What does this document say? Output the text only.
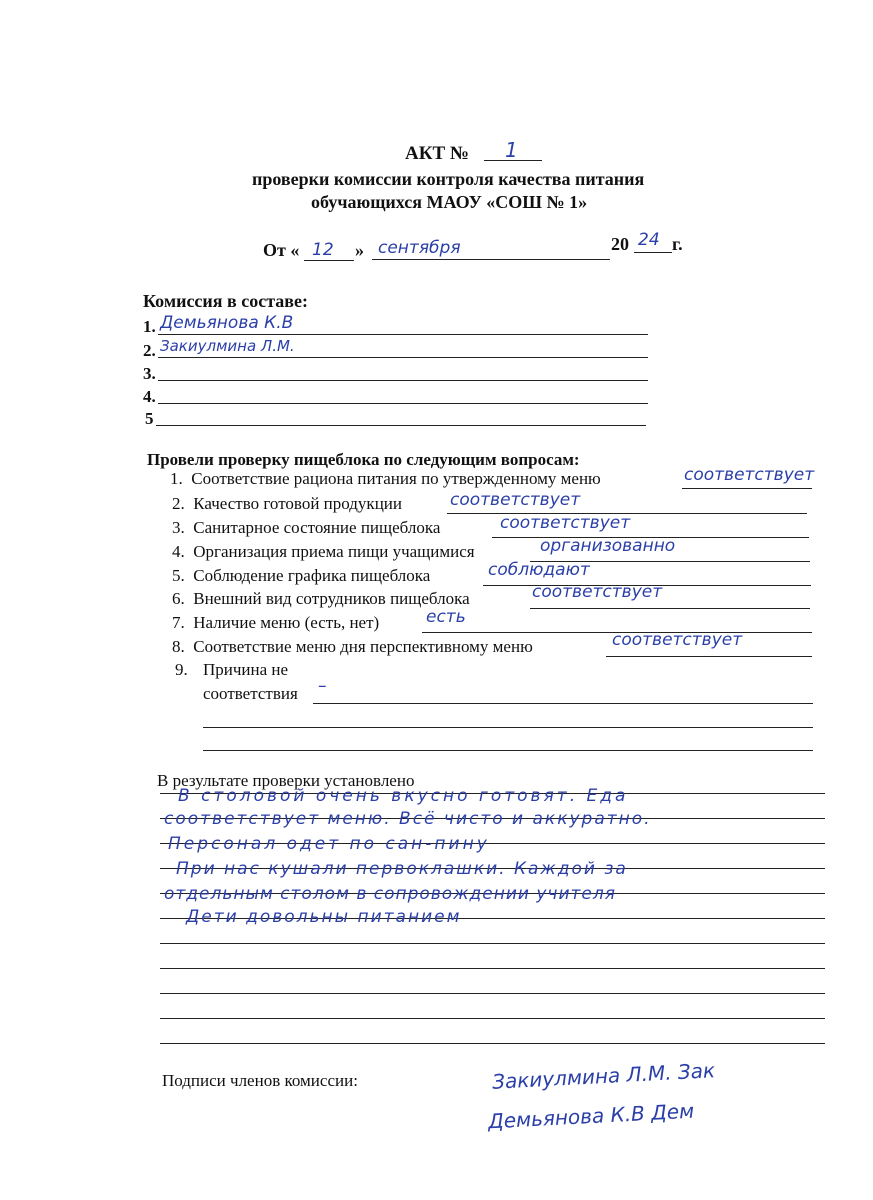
АКТ № 1
проверки комиссии контроля качества питания
обучающихся МАОУ «СОШ № 1»
От « 12 » сентября	20 24 г.
Комиссия в составе:
1. Демьянова К.В
2. Закиулмина Л.М.
3.
4.
5
Провели проверку пищеблока по следующим вопросам:
1. Соответствие рациона питания по утвержденному меню	соответствует
2. Качество готовой продукции	соответствует
3. Санитарное состояние пищеблока	соответствует
4. Организация приема пищи учащимися	организованно
5. Соблюдение графика пищеблока	соблюдают
6. Внешний вид сотрудников пищеблока	соответствует
7. Наличие меню (есть, нет)	есть
8. Соответствие меню дня перспективному меню	соответствует
9. Причина не
соответствия –
В результате проверки установлено
В столовой очень вкусно готовят. Еда
соответствует меню. Всё чисто и аккуратно.
Персонал одет по сан-пину
При нас кушали первоклашки. Каждой за
отдельным столом в сопровождении учителя
Дети довольны питанием
Подписи членов комиссии:	Закиулмина Л.М. Зак
Демьянова К.В Дем
